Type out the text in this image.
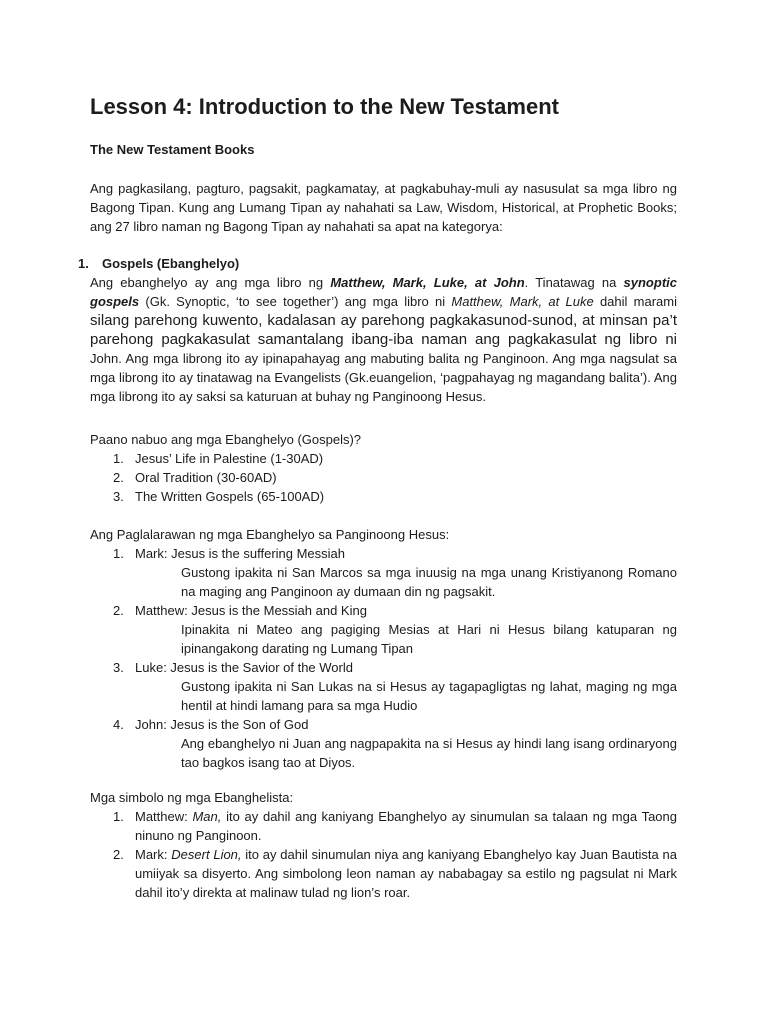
Lesson 4: Introduction to the New Testament
The New Testament Books

Ang pagkasilang, pagturo, pagsakit, pagkamatay, at pagkabuhay-muli ay nasusulat sa mga libro ng Bagong Tipan. Kung ang Lumang Tipan ay nahahati sa Law, Wisdom, Historical, at Prophetic Books; ang 27 libro naman ng Bagong Tipan ay nahahati sa apat na kategorya:

1. Gospels (Ebanghelyo)

Ang ebanghelyo ay ang mga libro ng Matthew, Mark, Luke, at John. Tinatawag na synoptic gospels (Gk. Synoptic, ‘to see together’) ang mga libro ni Matthew, Mark, at Luke dahil marami silang parehong kuwento, kadalasan ay parehong pagkakasunod-sunod, at minsan pa’t parehong pagkakasulat samantalang ibang-iba naman ang pagkakasulat ng libro ni John. Ang mga librong ito ay ipinapahayag ang mabuting balita ng Panginoon. Ang mga nagsulat sa mga librong ito ay tinatawag na Evangelists (Gk.euangelion, ‘pagpahayag ng magandang balita’). Ang mga librong ito ay saksi sa katuruan at buhay ng Panginoong Hesus.

Paano nabuo ang mga Ebanghelyo (Gospels)?
1. Jesus’ Life in Palestine (1-30AD)
2. Oral Tradition (30-60AD)
3. The Written Gospels (65-100AD)
Ang Paglalarawan ng mga Ebanghelyo sa Panginoong Hesus:
1. Mark: Jesus is the suffering Messiah
Gustong ipakita ni San Marcos sa mga inuusig na mga unang Kristiyanong Romano na maging ang Panginoon ay dumaan din ng pagsakit.
2. Matthew: Jesus is the Messiah and King
Ipinakita ni Mateo ang pagiging Mesias at Hari ni Hesus bilang katuparan ng ipinangakong darating ng Lumang Tipan
3. Luke: Jesus is the Savior of the World
Gustong ipakita ni San Lukas na si Hesus ay tagapagligtas ng lahat, maging ng mga hentil at hindi lamang para sa mga Hudio
4. John: Jesus is the Son of God
Ang ebanghelyo ni Juan ang nagpapakita na si Hesus ay hindi lang isang ordinaryong tao bagkos isang tao at Diyos.
Mga simbolo ng mga Ebanghelista:
1. Matthew: Man, ito ay dahil ang kaniyang Ebanghelyo ay sinumulan sa talaan ng mga Taong ninuno ng Panginoon.
2. Mark: Desert Lion, ito ay dahil sinumulan niya ang kaniyang Ebanghelyo kay Juan Bautista na umiiyak sa disyerto. Ang simbolong leon naman ay nababagay sa estilo ng pagsulat ni Mark dahil ito’y direkta at malinaw tulad ng lion’s roar.
